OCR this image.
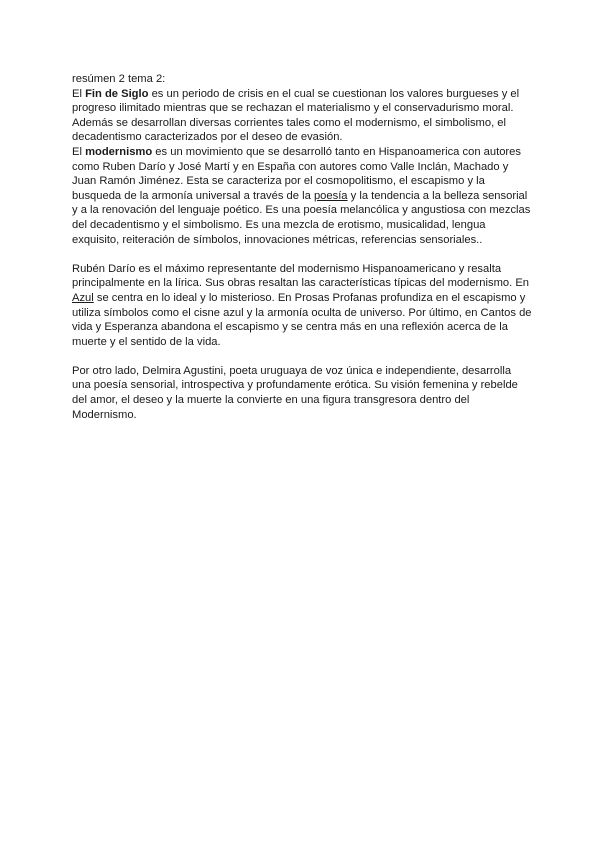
resúmen 2 tema 2:

El Fin de Siglo es un periodo de crisis en el cual se cuestionan los valores burgueses y el progreso ilimitado mientras que se rechazan el materialismo y el conservadurismo moral. Además se desarrollan diversas corrientes tales como el modernismo, el simbolismo, el decadentismo caracterizados por el deseo de evasión.

El modernismo es un movimiento que se desarrolló tanto en Hispanoamerica con autores como Ruben Darío y José Martí y en España con autores como Valle Inclán, Machado y Juan Ramón Jiménez. Esta se caracteriza por el cosmopolitismo, el escapismo y la busqueda de la armonía universal a través de la poesía y la tendencia a la belleza sensorial y a la renovación del lenguaje poético. Es una poesía melancólica y angustiosa con mezclas del decadentismo y el simbolismo. Es una mezcla de erotismo, musicalidad, lengua exquisito, reiteración de símbolos, innovaciones métricas, referencias sensoriales..

Rubén Darío es el máximo representante del modernismo Hispanoamericano y resalta principalmente en la lírica. Sus obras resaltan las características típicas del modernismo. En Azul se centra en lo ideal y lo misterioso. En Prosas Profanas profundiza en el escapismo y utiliza símbolos como el cisne azul y la armonía oculta de universo. Por último, en Cantos de vida y Esperanza abandona el escapismo y se centra más en una reflexión acerca de la muerte y el sentido de la vida.

Por otro lado, Delmira Agustini, poeta uruguaya de voz única e independiente, desarrolla una poesía sensorial, introspectiva y profundamente erótica. Su visión femenina y rebelde del amor, el deseo y la muerte la convierte en una figura transgresora dentro del Modernismo.
